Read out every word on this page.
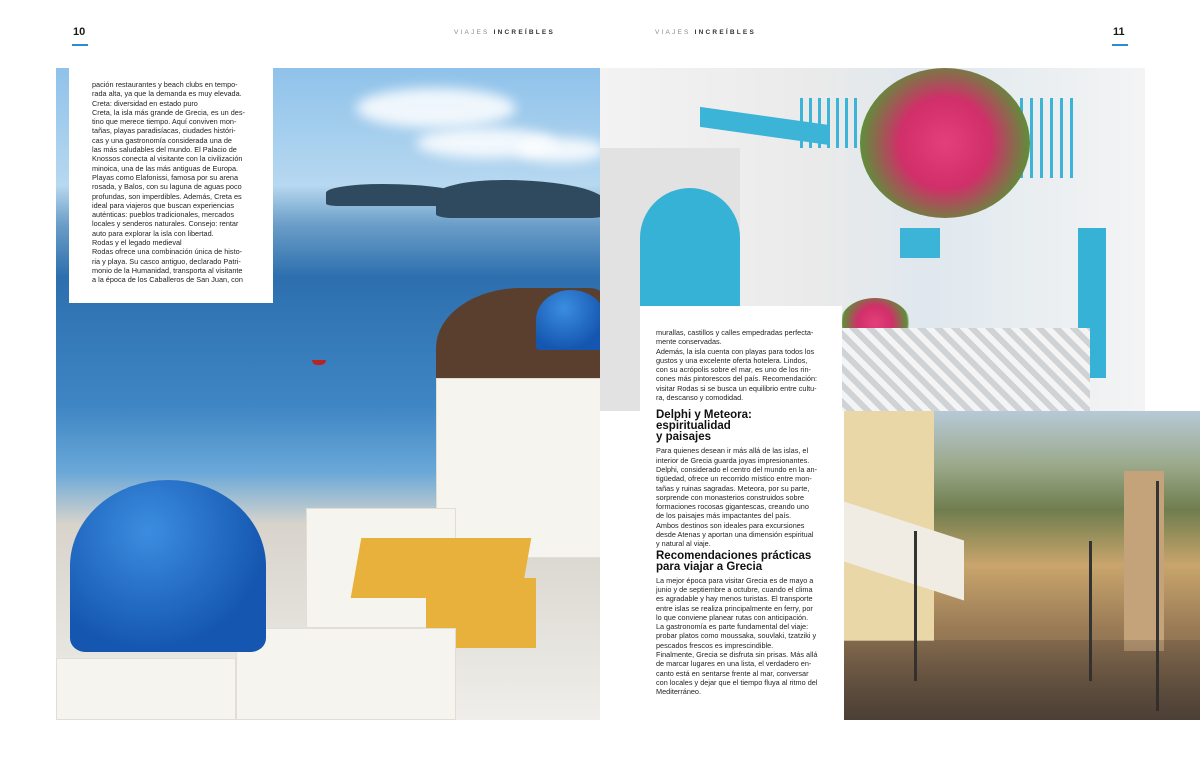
10	VIAJES INCREÍBLES	VIAJES INCREÍBLES	11

pación restaurantes y beach clubs en tempo-

rada alta, ya que la demanda es muy elevada.

Creta: diversidad en estado puro

Creta, la isla más grande de Grecia, es un des-

tino que merece tiempo. Aquí conviven mon-

tañas, playas paradisíacas, ciudades históri-

cas y una gastronomía considerada una de

las más saludables del mundo. El Palacio de

Knossos conecta al visitante con la civilización

minoica, una de las más antiguas de Europa.

Playas como Elafonissi, famosa por su arena

rosada, y Balos, con su laguna de aguas poco

profundas, son imperdibles. Además, Creta es

ideal para viajeros que buscan experiencias

auténticas: pueblos tradicionales, mercados

locales y senderos naturales. Consejo: rentar

auto para explorar la isla con libertad.

Rodas y el legado medieval

Rodas ofrece una combinación única de histo-

ria y playa. Su casco antiguo, declarado Patri-

monio de la Humanidad, transporta al visitante

a la época de los Caballeros de San Juan, con

murallas, castillos y calles empedradas perfecta-

mente conservadas.

Además, la isla cuenta con playas para todos los

gustos y una excelente oferta hotelera. Lindos,

con su acrópolis sobre el mar, es uno de los rin-

cones más pintorescos del país. Recomendación:

visitar Rodas si se busca un equilibrio entre cultu-

ra, descanso y comodidad.

Delphi y Meteora: espiritualidad
y paisajes

Para quienes desean ir más allá de las islas, el

interior de Grecia guarda joyas impresionantes.

Delphi, considerado el centro del mundo en la an-

tigüedad, ofrece un recorrido místico entre mon-

tañas y ruinas sagradas. Meteora, por su parte,

sorprende con monasterios construidos sobre

formaciones rocosas gigantescas, creando uno

de los paisajes más impactantes del país.

Ambos destinos son ideales para excursiones

desde Atenas y aportan una dimensión espiritual

y natural al viaje.

Recomendaciones prácticas
para viajar a Grecia

La mejor época para visitar Grecia es de mayo a

junio y de septiembre a octubre, cuando el clima

es agradable y hay menos turistas. El transporte

entre islas se realiza principalmente en ferry, por

lo que conviene planear rutas con anticipación.

La gastronomía es parte fundamental del viaje:

probar platos como moussaka, souvlaki, tzatziki y

pescados frescos es imprescindible.

Finalmente, Grecia se disfruta sin prisas. Más allá

de marcar lugares en una lista, el verdadero en-

canto está en sentarse frente al mar, conversar

con locales y dejar que el tiempo fluya al ritmo del

Mediterráneo.
